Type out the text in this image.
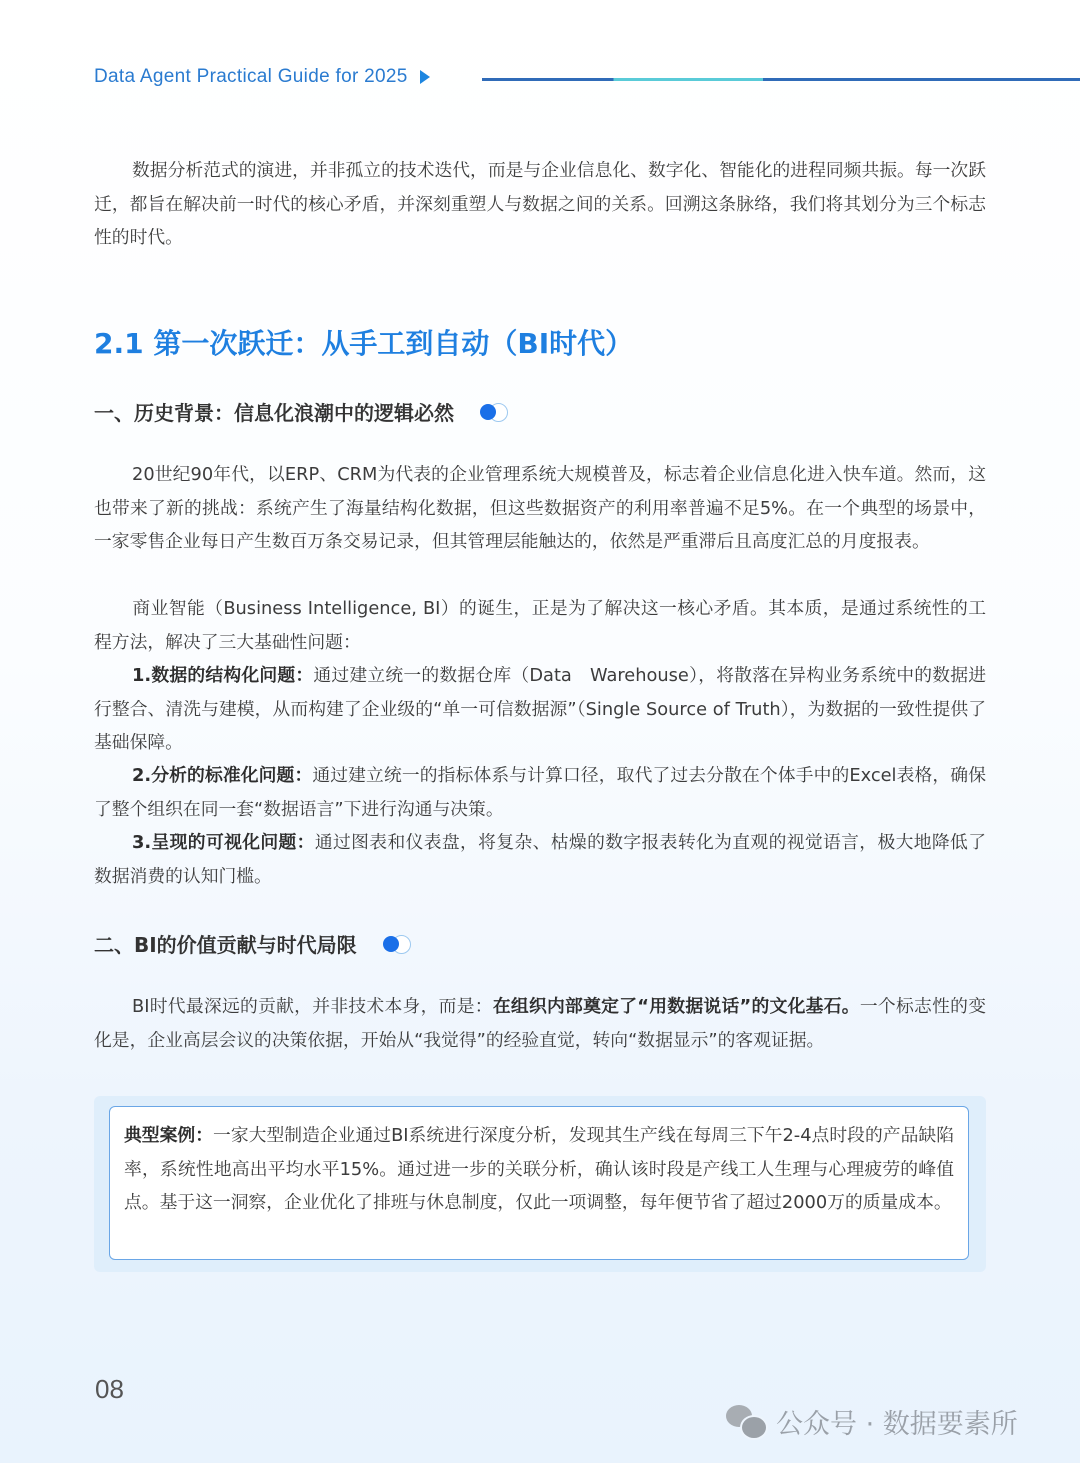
Data Agent Practical Guide for 2025
数据分析范式的演进，并非孤立的技术迭代，而是与企业信息化、数字化、智能化的进程同频共振。每一次跃迁，都旨在解决前一时代的核心矛盾，并深刻重塑人与数据之间的关系。回溯这条脉络，我们将其划分为三个标志性的时代。
2.1 第一次跃迁：从手工到自动（BI时代）
一、历史背景：信息化浪潮中的逻辑必然
20世纪90年代，以ERP、CRM为代表的企业管理系统大规模普及，标志着企业信息化进入快车道。然而，这也带来了新的挑战：系统产生了海量结构化数据，但这些数据资产的利用率普遍不足5%。在一个典型的场景中，一家零售企业每日产生数百万条交易记录，但其管理层能触达的，依然是严重滞后且高度汇总的月度报表。
商业智能（Business Intelligence, BI）的诞生，正是为了解决这一核心矛盾。其本质，是通过系统性的工程方法，解决了三大基础性问题：
1.数据的结构化问题：通过建立统一的数据仓库（Data　Warehouse），将散落在异构业务系统中的数据进行整合、清洗与建模，从而构建了企业级的“单一可信数据源”（Single Source of Truth），为数据的一致性提供了基础保障。
2.分析的标准化问题：通过建立统一的指标体系与计算口径，取代了过去分散在个体手中的Excel表格，确保了整个组织在同一套“数据语言”下进行沟通与决策。
3.呈现的可视化问题：通过图表和仪表盘，将复杂、枯燥的数字报表转化为直观的视觉语言，极大地降低了数据消费的认知门槛。
二、BI的价值贡献与时代局限
BI时代最深远的贡献，并非技术本身，而是：在组织内部奠定了“用数据说话”的文化基石。一个标志性的变化是，企业高层会议的决策依据，开始从“我觉得”的经验直觉，转向“数据显示”的客观证据。
典型案例：一家大型制造企业通过BI系统进行深度分析，发现其生产线在每周三下午2-4点时段的产品缺陷率，系统性地高出平均水平15%。通过进一步的关联分析，确认该时段是产线工人生理与心理疲劳的峰值点。基于这一洞察，企业优化了排班与休息制度，仅此一项调整，每年便节省了超过2000万的质量成本。
08
公众号 · 数据要素所
